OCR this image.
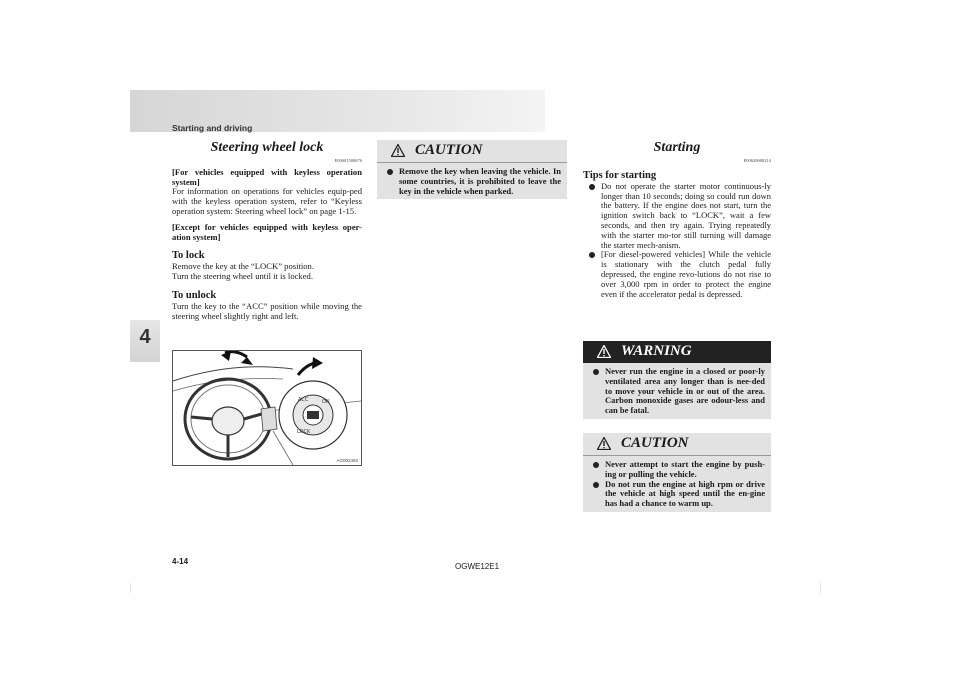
Starting and driving
4
Steering wheel lock
E00601500676

[For vehicles equipped with keyless operation system]

For information on operations for vehicles equip-ped with the keyless operation system, refer to “Keyless operation system: Steering wheel lock” on page 1-15.

[Except for vehicles equipped with keyless oper-ation system]

To lock

Remove the key at the “LOCK” position.

Turn the steering wheel until it is locked.

To unlock

Turn the key to the “ACC” position while moving the steering wheel slightly right and left.

ACC	ON
LOCK
AG002492
CAUTION
Remove the key when leaving the vehicle. In some countries, it is prohibited to leave the key in the vehicle when parked.
Starting
E00620600214
Tips for starting
Do not operate the starter motor continuous-ly longer than 10 seconds; doing so could run down the battery. If the engine does not start, turn the ignition switch back to “LOCK”, wait a few seconds, and then try again. Trying repeatedly with the starter mo-tor still turning will damage the starter mech-anism.
[For diesel-powered vehicles] While the vehicle is stationary with the clutch pedal fully depressed, the engine revo-lutions do not rise to over 3,000 rpm in order to protect the engine even if the accelerator pedal is depressed.
WARNING
Never run the engine in a closed or poor-ly ventilated area any longer than is nee-ded to move your vehicle in or out of the area. Carbon monoxide gases are odour-less and can be fatal.
CAUTION
Never attempt to start the engine by push-ing or pulling the vehicle.
Do not run the engine at high rpm or drive the vehicle at high speed until the en-gine has had a chance to warm up.
4-14
OGWE12E1
